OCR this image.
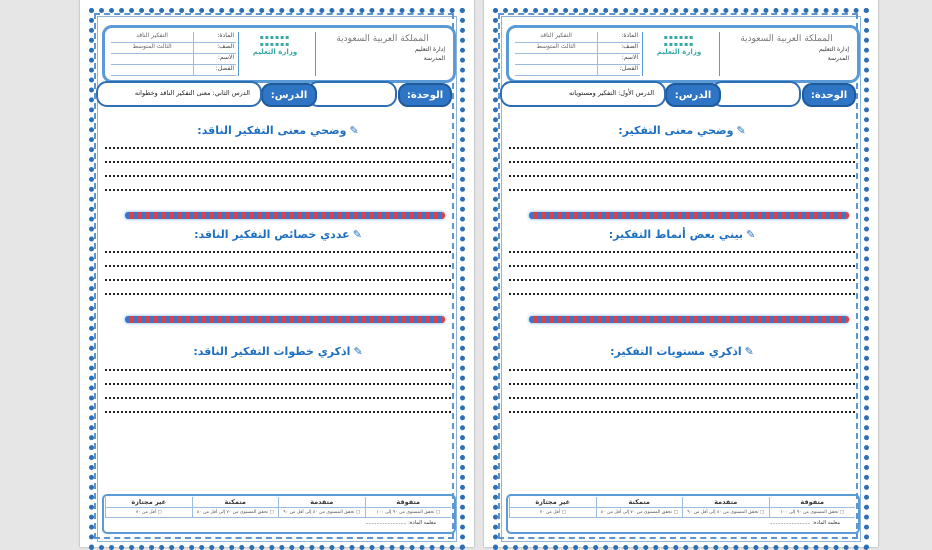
المملكة العربية السعودية
إدارة التعليم
المدرسة
▪▪▪▪▪▪
▪▪▪▪▪▪
وزارة التعليم
المادة:
التفكير الناقد
الصف:
الثالث المتوسط
الاسم:
الفصل:
الوحدة:
الدرس:
الدرس الثاني: معنى التفكير الناقد وخطواته
✎وضحي معنى التفكير الناقد:
✎عددي خصائص التفكير الناقد:
✎اذكري خطوات التفكير الناقد:
متفوقة
متقدمة
متمكنة
غير مجتازة
▢ تحقق المستوى من ٩٠ إلى ١٠٠
▢ تحقق المستوى من ٨٠ إلى أقل من ٩٠
▢ تحقق المستوى من ٧٠ إلى أقل من ٨٠
▢ أقل من ٧٠
معلمة المادة: ..........................
المملكة العربية السعودية
إدارة التعليم
المدرسة
▪▪▪▪▪▪
▪▪▪▪▪▪
وزارة التعليم
المادة:
التفكير الناقد
الصف:
الثالث المتوسط
الاسم:
الفصل:
الوحدة:
الدرس:
الدرس الأول: التفكير ومستوياته
✎وضحي معنى التفكير:
✎بيني بعض أنماط التفكير:
✎اذكري مستويات التفكير:
متفوقة
متقدمة
متمكنة
غير مجتازة
▢ تحقق المستوى من ٩٠ إلى ١٠٠
▢ تحقق المستوى من ٨٠ إلى أقل من ٩٠
▢ تحقق المستوى من ٧٠ إلى أقل من ٨٠
▢ أقل من ٧٠
معلمة المادة: ..........................
